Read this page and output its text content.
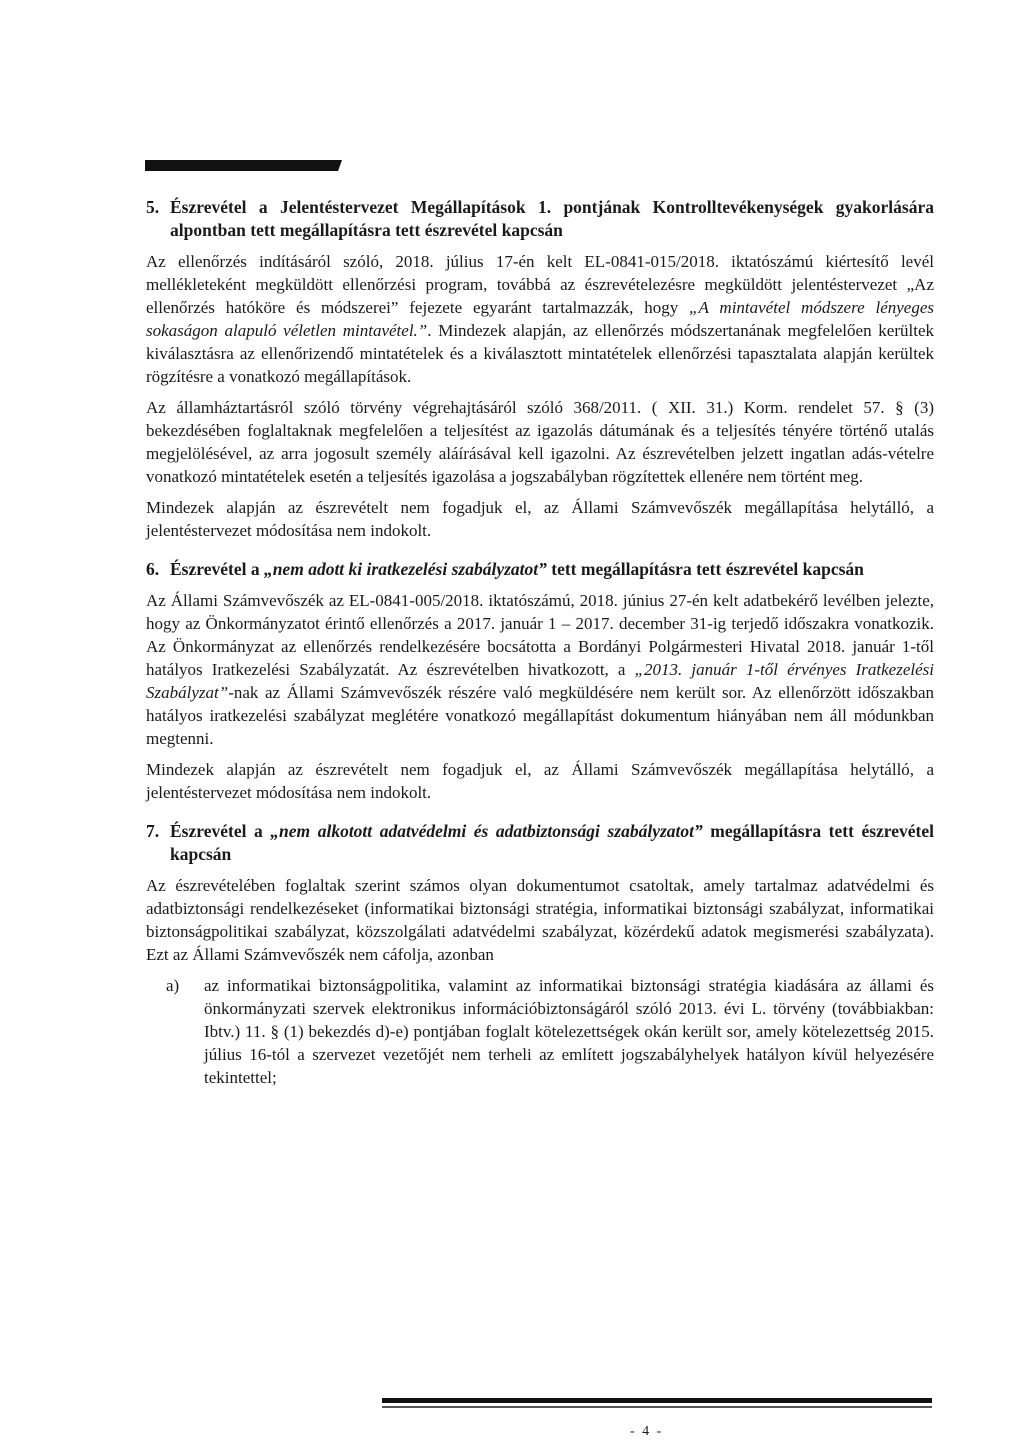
5. Észrevétel a Jelentéstervezet Megállapítások 1. pontjának Kontrolltevékenységek gyakorlására alpontban tett megállapításra tett észrevétel kapcsán

Az ellenőrzés indításáról szóló, 2018. július 17-én kelt EL-0841-015/2018. iktatószámú kiértesítő levél mellékleteként megküldött ellenőrzési program, továbbá az észrevételezésre megküldött jelentéstervezet „Az ellenőrzés hatóköre és módszerei” fejezete egyaránt tartalmazzák, hogy „A mintavétel módszere lényeges sokaságon alapuló véletlen mintavétel.”. Mindezek alapján, az ellenőrzés módszertanának megfelelően kerültek kiválasztásra az ellenőrizendő mintatételek és a kiválasztott mintatételek ellenőrzési tapasztalata alapján kerültek rögzítésre a vonatkozó megállapítások.

Az államháztartásról szóló törvény végrehajtásáról szóló 368/2011. ( XII. 31.) Korm. rendelet 57. § (3) bekezdésében foglaltaknak megfelelően a teljesítést az igazolás dátumának és a teljesítés tényére történő utalás megjelölésével, az arra jogosult személy aláírásával kell igazolni. Az észrevételben jelzett ingatlan adás-vételre vonatkozó mintatételek esetén a teljesítés igazolása a jogszabályban rögzítettek ellenére nem történt meg.

Mindezek alapján az észrevételt nem fogadjuk el, az Állami Számvevőszék megállapítása helytálló, a jelentéstervezet módosítása nem indokolt.

6. Észrevétel a „nem adott ki iratkezelési szabályzatot” tett megállapításra tett észrevétel kapcsán

Az Állami Számvevőszék az EL-0841-005/2018. iktatószámú, 2018. június 27-én kelt adatbekérő levélben jelezte, hogy az Önkormányzatot érintő ellenőrzés a 2017. január 1 – 2017. december 31-ig terjedő időszakra vonatkozik. Az Önkormányzat az ellenőrzés rendelkezésére bocsátotta a Bordányi Polgármesteri Hivatal 2018. január 1-től hatályos Iratkezelési Szabályzatát. Az észrevételben hivatkozott, a „2013. január 1-től érvényes Iratkezelési Szabályzat”-nak az Állami Számvevőszék részére való megküldésére nem került sor. Az ellenőrzött időszakban hatályos iratkezelési szabályzat meglétére vonatkozó megállapítást dokumentum hiányában nem áll módunkban megtenni.

Mindezek alapján az észrevételt nem fogadjuk el, az Állami Számvevőszék megállapítása helytálló, a jelentéstervezet módosítása nem indokolt.

7. Észrevétel a „nem alkotott adatvédelmi és adatbiztonsági szabályzatot” megállapításra tett észrevétel kapcsán

Az észrevételében foglaltak szerint számos olyan dokumentumot csatoltak, amely tartalmaz adatvédelmi és adatbiztonsági rendelkezéseket (informatikai biztonsági stratégia, informatikai biztonsági szabályzat, informatikai biztonságpolitikai szabályzat, közszolgálati adatvédelmi szabályzat, közérdekű adatok megismerési szabályzata). Ezt az Állami Számvevőszék nem cáfolja, azonban

a)	az informatikai biztonságpolitika, valamint az informatikai biztonsági stratégia kiadására az állami és önkormányzati szervek elektronikus információbiztonságáról szóló 2013. évi L. törvény (továbbiakban: Ibtv.) 11. § (1) bekezdés d)-e) pontjában foglalt kötelezettségek okán került sor, amely kötelezettség 2015. július 16-tól a szervezet vezetőjét nem terheli az említett jogszabályhelyek hatályon kívül helyezésére tekintettel;
- 4 -
